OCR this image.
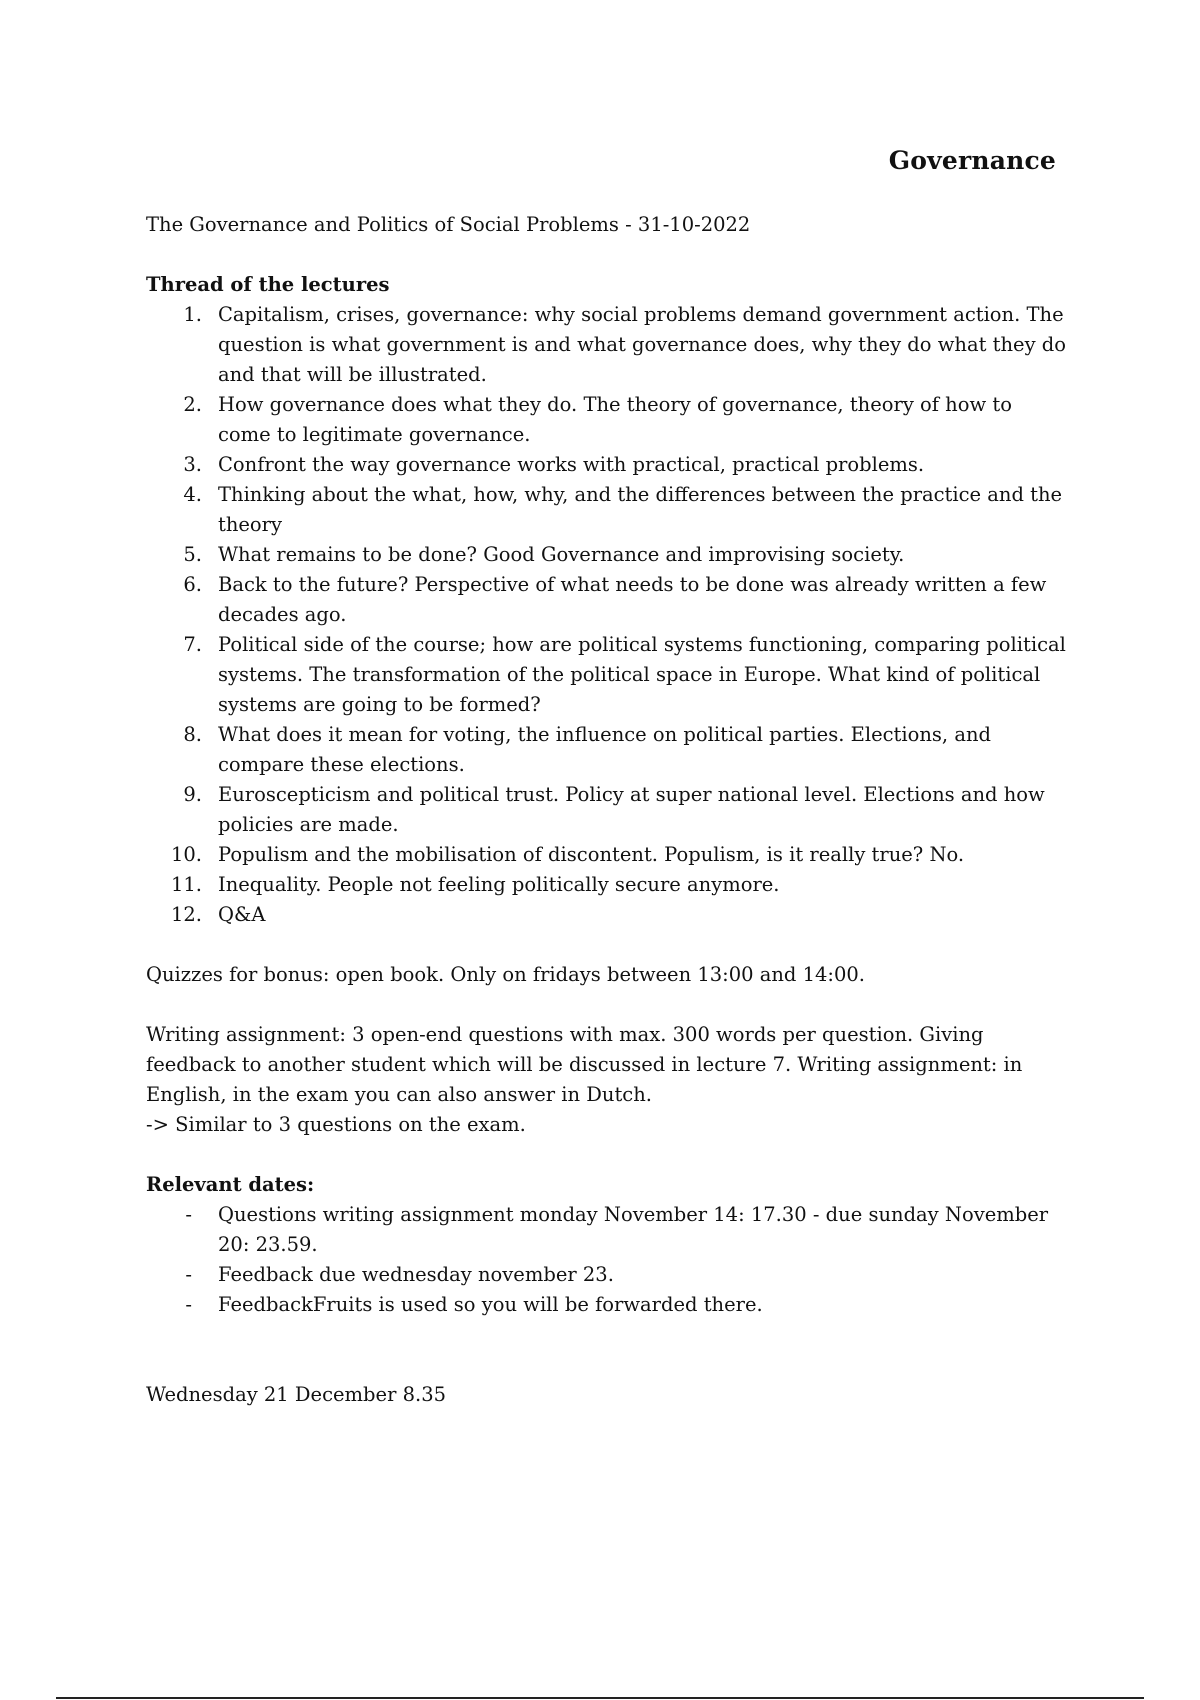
Governance

The Governance and Politics of Social Problems - 31-10-2022

Thread of the lectures

1. Capitalism, crises, governance: why social problems demand government action. The question is what government is and what governance does, why they do what they do and that will be illustrated.
2. How governance does what they do. The theory of governance, theory of how to come to legitimate governance.
3. Confront the way governance works with practical, practical problems.
4. Thinking about the what, how, why, and the differences between the practice and the theory
5. What remains to be done? Good Governance and improvising society.
6. Back to the future? Perspective of what needs to be done was already written a few decades ago.
7. Political side of the course; how are political systems functioning, comparing political systems. The transformation of the political space in Europe. What kind of political systems are going to be formed?
8. What does it mean for voting, the influence on political parties. Elections, and compare these elections.
9. Euroscepticism and political trust. Policy at super national level. Elections and how policies are made.
10. Populism and the mobilisation of discontent. Populism, is it really true? No.
11. Inequality. People not feeling politically secure anymore.
12. Q&A

Quizzes for bonus: open book. Only on fridays between 13:00 and 14:00.

Writing assignment: 3 open-end questions with max. 300 words per question. Giving feedback to another student which will be discussed in lecture 7. Writing assignment: in English, in the exam you can also answer in Dutch.

-> Similar to 3 questions on the exam.

Relevant dates:

- Questions writing assignment monday November 14: 17.30 - due sunday November 20: 23.59.
- Feedback due wednesday november 23.
- FeedbackFruits is used so you will be forwarded there.

Wednesday 21 December 8.35
